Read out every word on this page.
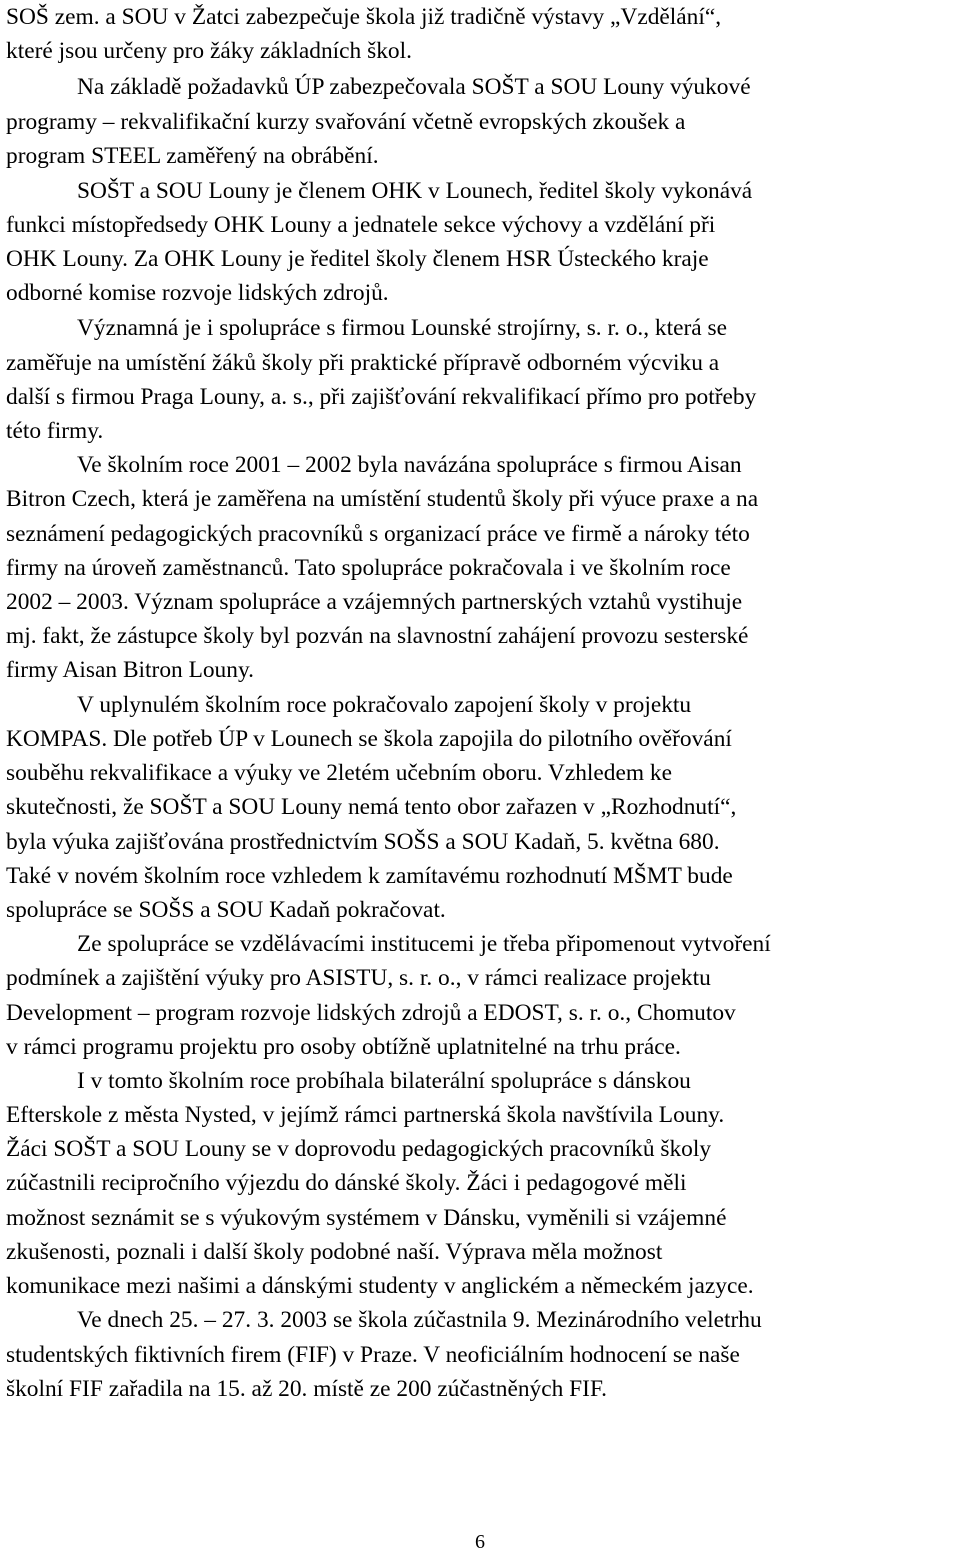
SOŠ zem. a SOU v Žatci zabezpečuje škola již tradičně výstavy „Vzdělání“,
které jsou určeny pro žáky základních škol.
Na základě požadavků ÚP zabezpečovala SOŠT a SOU Louny výukové
programy – rekvalifikační kurzy svařování včetně evropských zkoušek a
program STEEL zaměřený na obrábění.
SOŠT a SOU Louny je členem OHK v Lounech, ředitel školy vykonává
funkci místopředsedy OHK Louny a jednatele sekce výchovy a vzdělání při
OHK Louny. Za OHK Louny je ředitel školy členem HSR Ústeckého kraje
odborné komise rozvoje lidských zdrojů.
Významná je i spolupráce s firmou Lounské strojírny, s. r. o., která se
zaměřuje na umístění žáků školy při praktické přípravě odborném výcviku a
další s firmou Praga Louny, a. s., při zajišťování rekvalifikací přímo pro potřeby
této firmy.
Ve školním roce 2001 – 2002 byla navázána spolupráce s firmou Aisan
Bitron Czech, která je zaměřena na umístění studentů školy při výuce praxe a na
seznámení pedagogických pracovníků s organizací práce ve firmě a nároky této
firmy na úroveň zaměstnanců. Tato spolupráce pokračovala i ve školním roce
2002 – 2003. Význam spolupráce a vzájemných partnerských vztahů vystihuje
mj. fakt, že zástupce školy byl pozván na slavnostní zahájení provozu sesterské
firmy Aisan Bitron Louny.
V uplynulém školním roce pokračovalo zapojení školy v projektu
KOMPAS. Dle potřeb ÚP v Lounech se škola zapojila do pilotního ověřování
souběhu rekvalifikace a výuky ve 2letém učebním oboru. Vzhledem ke
skutečnosti, že SOŠT a SOU Louny nemá tento obor zařazen v „Rozhodnutí“,
byla výuka zajišťována prostřednictvím SOŠS a SOU Kadaň, 5. května 680.
Také v novém školním roce vzhledem k zamítavému rozhodnutí MŠMT bude
spolupráce se SOŠS a SOU Kadaň pokračovat.
Ze spolupráce se vzdělávacími institucemi je třeba připomenout vytvoření
podmínek a zajištění výuky pro ASISTU, s. r. o., v rámci realizace projektu
Development – program rozvoje lidských zdrojů a EDOST, s. r. o., Chomutov
v rámci programu projektu pro osoby obtížně uplatnitelné na trhu práce.
I v tomto školním roce probíhala bilaterální spolupráce s dánskou
Efterskole z města Nysted, v jejímž rámci partnerská škola navštívila Louny.
Žáci SOŠT a SOU Louny se v doprovodu pedagogických pracovníků školy
zúčastnili recipročního výjezdu do dánské školy. Žáci i pedagogové měli
možnost seznámit se s výukovým systémem v Dánsku, vyměnili si vzájemné
zkušenosti, poznali i další školy podobné naší. Výprava měla možnost
komunikace mezi našimi a dánskými studenty v anglickém a německém jazyce.
Ve dnech 25. – 27. 3. 2003 se škola zúčastnila 9. Mezinárodního veletrhu
studentských fiktivních firem (FIF) v Praze. V neoficiálním hodnocení se naše
školní FIF zařadila na 15. až 20. místě ze 200 zúčastněných FIF.
6
